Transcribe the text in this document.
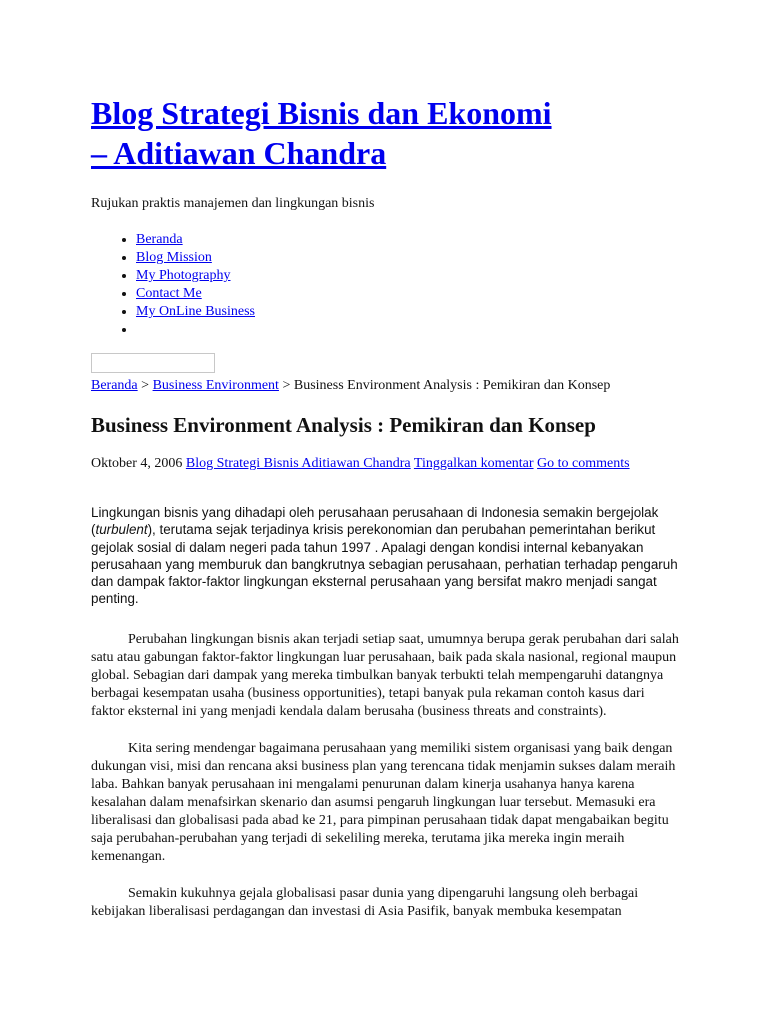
Blog Strategi Bisnis dan Ekonomi – Aditiawan Chandra

Rujukan praktis manajemen dan lingkungan bisnis

• Beranda
• Blog Mission
• My Photography
• Contact Me
• My OnLine Business
•
Beranda > Business Environment > Business Environment Analysis : Pemikiran dan Konsep
Business Environment Analysis : Pemikiran dan Konsep
Oktober 4, 2006 Blog Strategi Bisnis Aditiawan Chandra Tinggalkan komentar Go to comments

Lingkungan bisnis yang dihadapi oleh perusahaan perusahaan di Indonesia semakin bergejolak (turbulent), terutama sejak terjadinya krisis perekonomian dan perubahan pemerintahan berikut gejolak sosial di dalam negeri pada tahun 1997 . Apalagi dengan kondisi internal kebanyakan perusahaan yang memburuk dan bangkrutnya sebagian perusahaan, perhatian terhadap pengaruh dan dampak faktor-faktor lingkungan eksternal perusahaan yang bersifat makro menjadi sangat penting.

Perubahan lingkungan bisnis akan terjadi setiap saat, umumnya berupa gerak perubahan dari salah satu atau gabungan faktor-faktor lingkungan luar perusahaan, baik pada skala nasional, regional maupun global. Sebagian dari dampak yang mereka timbulkan banyak terbukti telah mempengaruhi datangnya berbagai kesempatan usaha (business opportunities), tetapi banyak pula rekaman contoh kasus dari faktor eksternal ini yang menjadi kendala dalam berusaha (business threats and constraints).

Kita sering mendengar bagaimana perusahaan yang memiliki sistem organisasi yang baik dengan dukungan visi, misi dan rencana aksi business plan yang terencana tidak menjamin sukses dalam meraih laba. Bahkan banyak perusahaan ini mengalami penurunan dalam kinerja usahanya hanya karena kesalahan dalam menafsirkan skenario dan asumsi pengaruh lingkungan luar tersebut. Memasuki era liberalisasi dan globalisasi pada abad ke 21, para pimpinan perusahaan tidak dapat mengabaikan begitu saja perubahan-perubahan yang terjadi di sekeliling mereka, terutama jika mereka ingin meraih kemenangan.

Semakin kukuhnya gejala globalisasi pasar dunia yang dipengaruhi langsung oleh berbagai kebijakan liberalisasi perdagangan dan investasi di Asia Pasifik, banyak membuka kesempatan
